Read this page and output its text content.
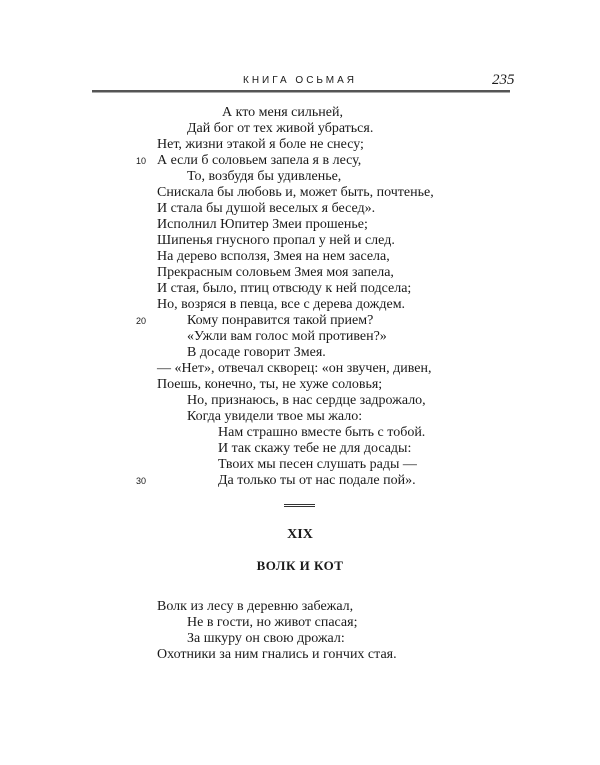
КНИГА ОСЬМАЯ	235
А кто меня сильней,
Дай бог от тех живой убраться.
Нет, жизни этакой я боле не снесу;
А если б соловьем запела я в лесу,
10
То, возбудя бы удивленье,
Снискала бы любовь и, может быть, почтенье,
И стала бы душой веселых я бесед».
Исполнил Юпитер Змеи прошенье;
Шипенья гнусного пропал у ней и след.
На дерево всползя, Змея на нем засела,
Прекрасным соловьем Змея моя запела,
И стая, было, птиц отвсюду к ней подсела;
Но, возряся в певца, все с дерева дождем.
Кому понравится такой прием?
20
«Ужли вам голос мой противен?»
В досаде говорит Змея.
— «Нет», отвечал скворец: «он звучен, дивен,
Поешь, конечно, ты, не хуже соловья;
Но, признаюсь, в нас сердце задрожало,
Когда увидели твое мы жало:
Нам страшно вместе быть с тобой.
И так скажу тебе не для досады:
Твоих мы песен слушать рады —
Да только ты от нас подале пой».
30
XIX
ВОЛК И КОТ
Волк из лесу в деревню забежал,
Не в гости, но живот спасая;
За шкуру он свою дрожал:
Охотники за ним гнались и гончих стая.
